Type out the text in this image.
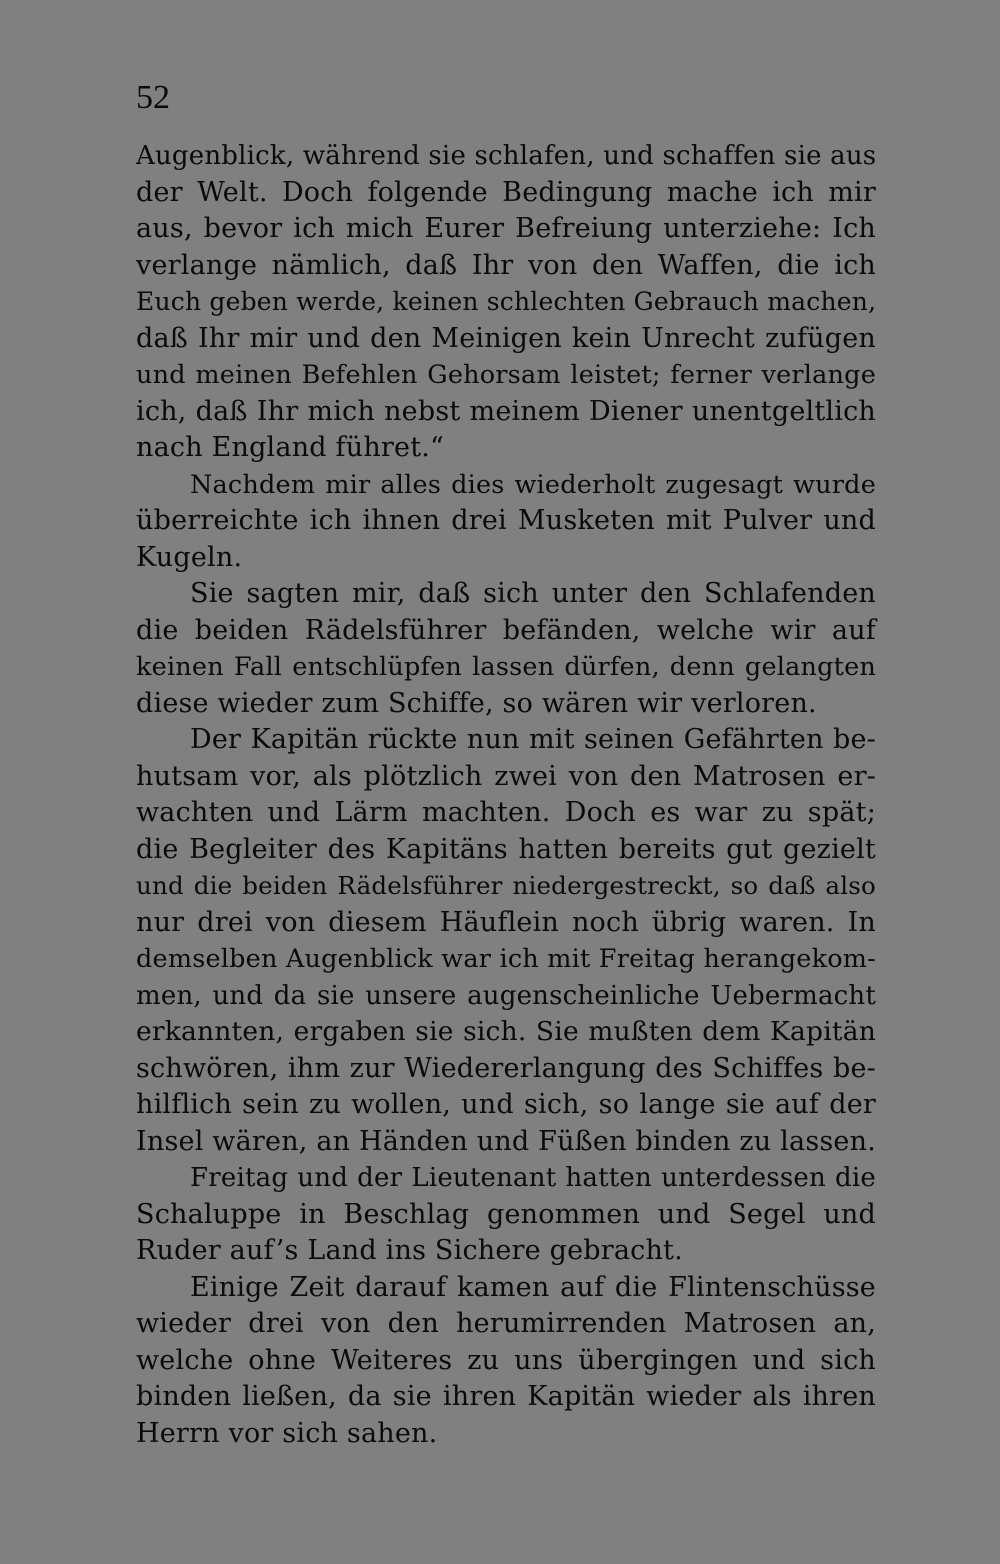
52
Augenblick, während sie schlafen, und schaffen sie aus
der Welt. Doch folgende Bedingung mache ich mir
aus, bevor ich mich Eurer Befreiung unterziehe: Ich
verlange nämlich, daß Ihr von den Waffen, die ich
Euch geben werde, keinen schlechten Gebrauch machen,
daß Ihr mir und den Meinigen kein Unrecht zufügen
und meinen Befehlen Gehorsam leistet; ferner verlange
ich, daß Ihr mich nebst meinem Diener unentgeltlich
nach England führet.“
Nachdem mir alles dies wiederholt zugesagt wurde
überreichte ich ihnen drei Musketen mit Pulver und
Kugeln.
Sie sagten mir, daß sich unter den Schlafenden
die beiden Rädelsführer befänden, welche wir auf
keinen Fall entschlüpfen lassen dürfen, denn gelangten
diese wieder zum Schiffe, so wären wir verloren.
Der Kapitän rückte nun mit seinen Gefährten be-
hutsam vor, als plötzlich zwei von den Matrosen er-
wachten und Lärm machten. Doch es war zu spät;
die Begleiter des Kapitäns hatten bereits gut gezielt
und die beiden Rädelsführer niedergestreckt, so daß also
nur drei von diesem Häuflein noch übrig waren. In
demselben Augenblick war ich mit Freitag herangekom-
men, und da sie unsere augenscheinliche Uebermacht
erkannten, ergaben sie sich. Sie mußten dem Kapitän
schwören, ihm zur Wiedererlangung des Schiffes be-
hilflich sein zu wollen, und sich, so lange sie auf der
Insel wären, an Händen und Füßen binden zu lassen.
Freitag und der Lieutenant hatten unterdessen die
Schaluppe in Beschlag genommen und Segel und
Ruder auf’s Land ins Sichere gebracht.
Einige Zeit darauf kamen auf die Flintenschüsse
wieder drei von den herumirrenden Matrosen an,
welche ohne Weiteres zu uns übergingen und sich
binden ließen, da sie ihren Kapitän wieder als ihren
Herrn vor sich sahen.
